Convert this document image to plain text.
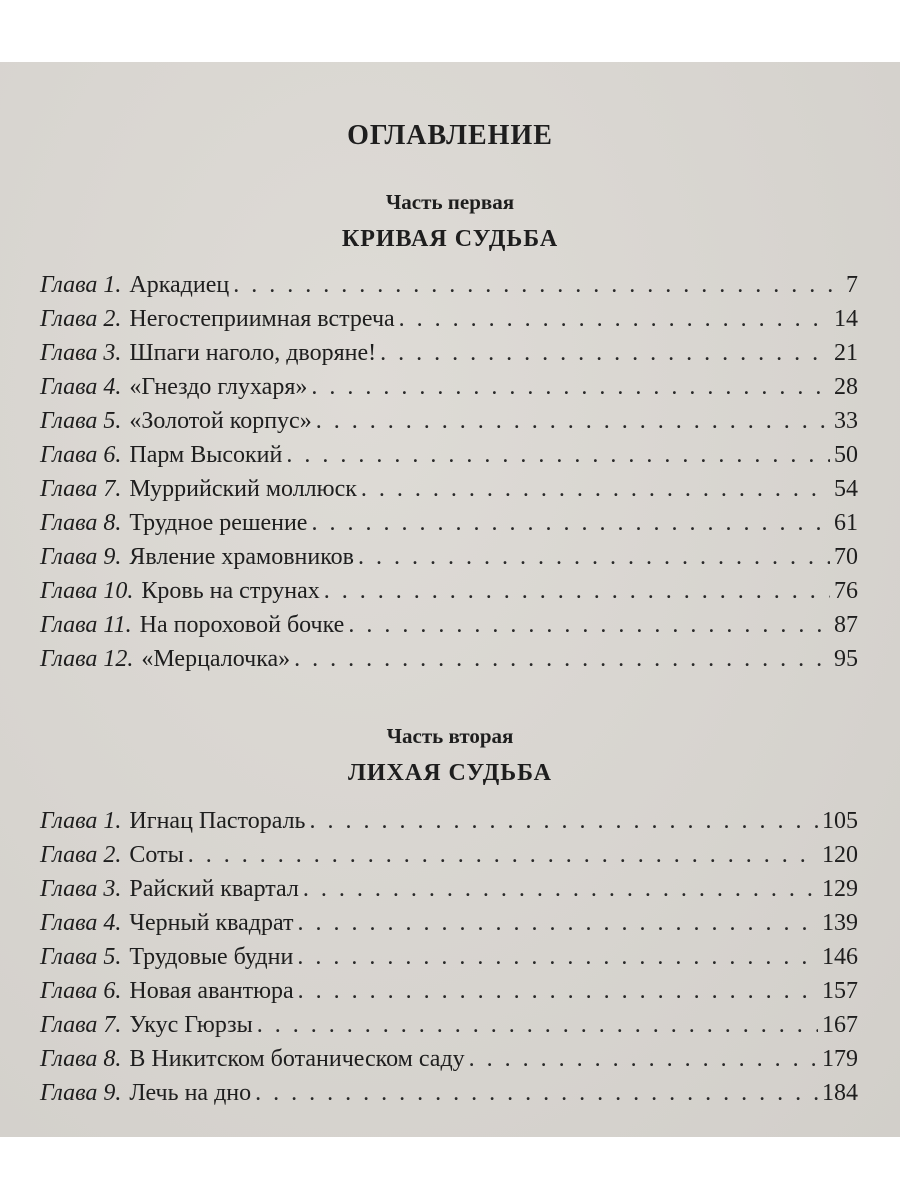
ОГЛАВЛЕНИЕ
Часть первая
КРИВАЯ СУДЬБА
Глава 1. Аркадиец . . .	7
Глава 2. Негостеприимная встреча . . .	14
Глава 3. Шпаги наголо, дворяне! . . .	21
Глава 4. «Гнездо глухаря» . . .	28
Глава 5. «Золотой корпус» . . .	33
Глава 6. Парм Высокий . . .	50
Глава 7. Муррийский моллюск . . .	54
Глава 8. Трудное решение . . .	61
Глава 9. Явление храмовников . . .	70
Глава 10. Кровь на струнах . . .	76
Глава 11. На пороховой бочке . . .	87
Глава 12. «Мерцалочка» . . .	95
Часть вторая
ЛИХАЯ СУДЬБА
Глава 1. Игнац Пастораль . . .	105
Глава 2. Соты . . .	120
Глава 3. Райский квартал . . .	129
Глава 4. Черный квадрат . . .	139
Глава 5. Трудовые будни . . .	146
Глава 6. Новая авантюра . . .	157
Глава 7. Укус Гюрзы . . .	167
Глава 8. В Никитском ботаническом саду . . .	179
Глава 9. Лечь на дно . . .	184
